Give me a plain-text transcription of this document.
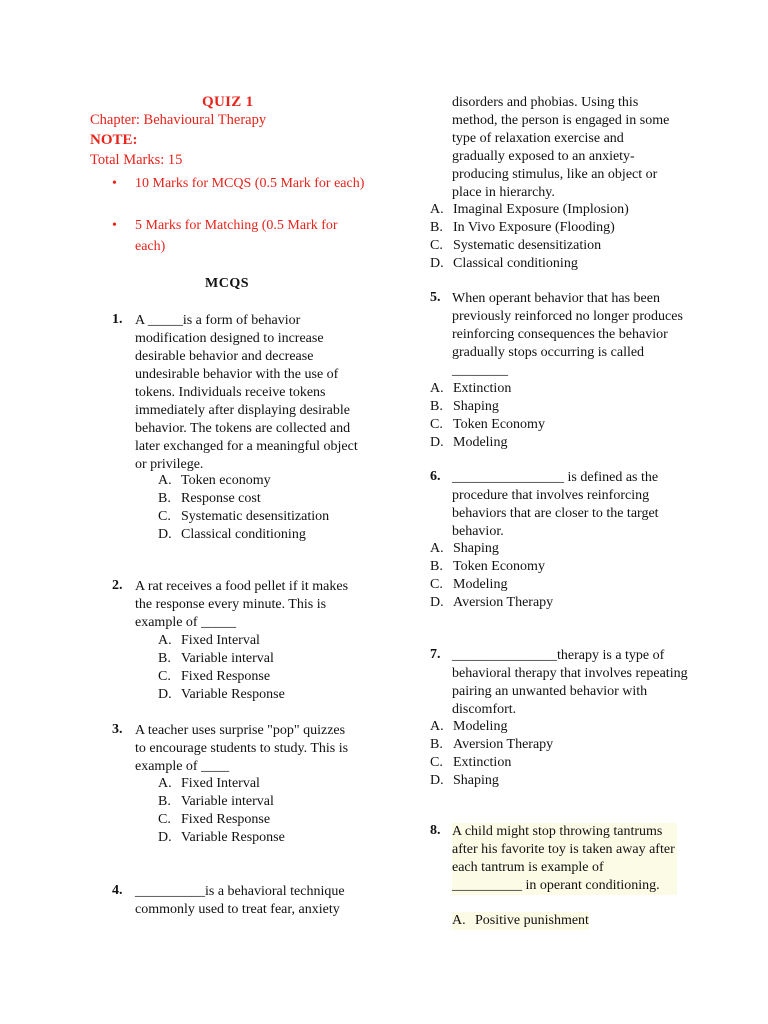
QUIZ 1
Chapter: Behavioural Therapy
NOTE:
Total Marks: 15
• 10 Marks for MCQS (0.5 Mark for each)
• 5 Marks for Matching (0.5 Mark for each)
MCQS
1. A _____is a form of behavior modification designed to increase desirable behavior and decrease undesirable behavior with the use of tokens. Individuals receive tokens immediately after displaying desirable behavior. The tokens are collected and later exchanged for a meaningful object or privilege.
A. Token economy
B. Response cost
C. Systematic desensitization
D. Classical conditioning
2. A rat receives a food pellet if it makes the response every minute. This is example of _____
A. Fixed Interval
B. Variable interval
C. Fixed Response
D. Variable Response
3. A teacher uses surprise "pop" quizzes to encourage students to study. This is example of ____
A. Fixed Interval
B. Variable interval
C. Fixed Response
D. Variable Response
4. __________is a behavioral technique commonly used to treat fear, anxiety
disorders and phobias. Using this method, the person is engaged in some type of relaxation exercise and gradually exposed to an anxiety-producing stimulus, like an object or place in hierarchy.
A. Imaginal Exposure (Implosion)
B. In Vivo Exposure (Flooding)
C. Systematic desensitization
D. Classical conditioning
5. When operant behavior that has been previously reinforced no longer produces reinforcing consequences the behavior gradually stops occurring is called ________
A. Extinction
B. Shaping
C. Token Economy
D. Modeling
6. ________________ is defined as the procedure that involves reinforcing behaviors that are closer to the target behavior.
A. Shaping
B. Token Economy
C. Modeling
D. Aversion Therapy
7. _______________therapy is a type of behavioral therapy that involves repeating pairing an unwanted behavior with discomfort.
A. Modeling
B. Aversion Therapy
C. Extinction
D. Shaping
8. A child might stop throwing tantrums after his favorite toy is taken away after each tantrum is example of __________ in operant conditioning.
A. Positive punishment
